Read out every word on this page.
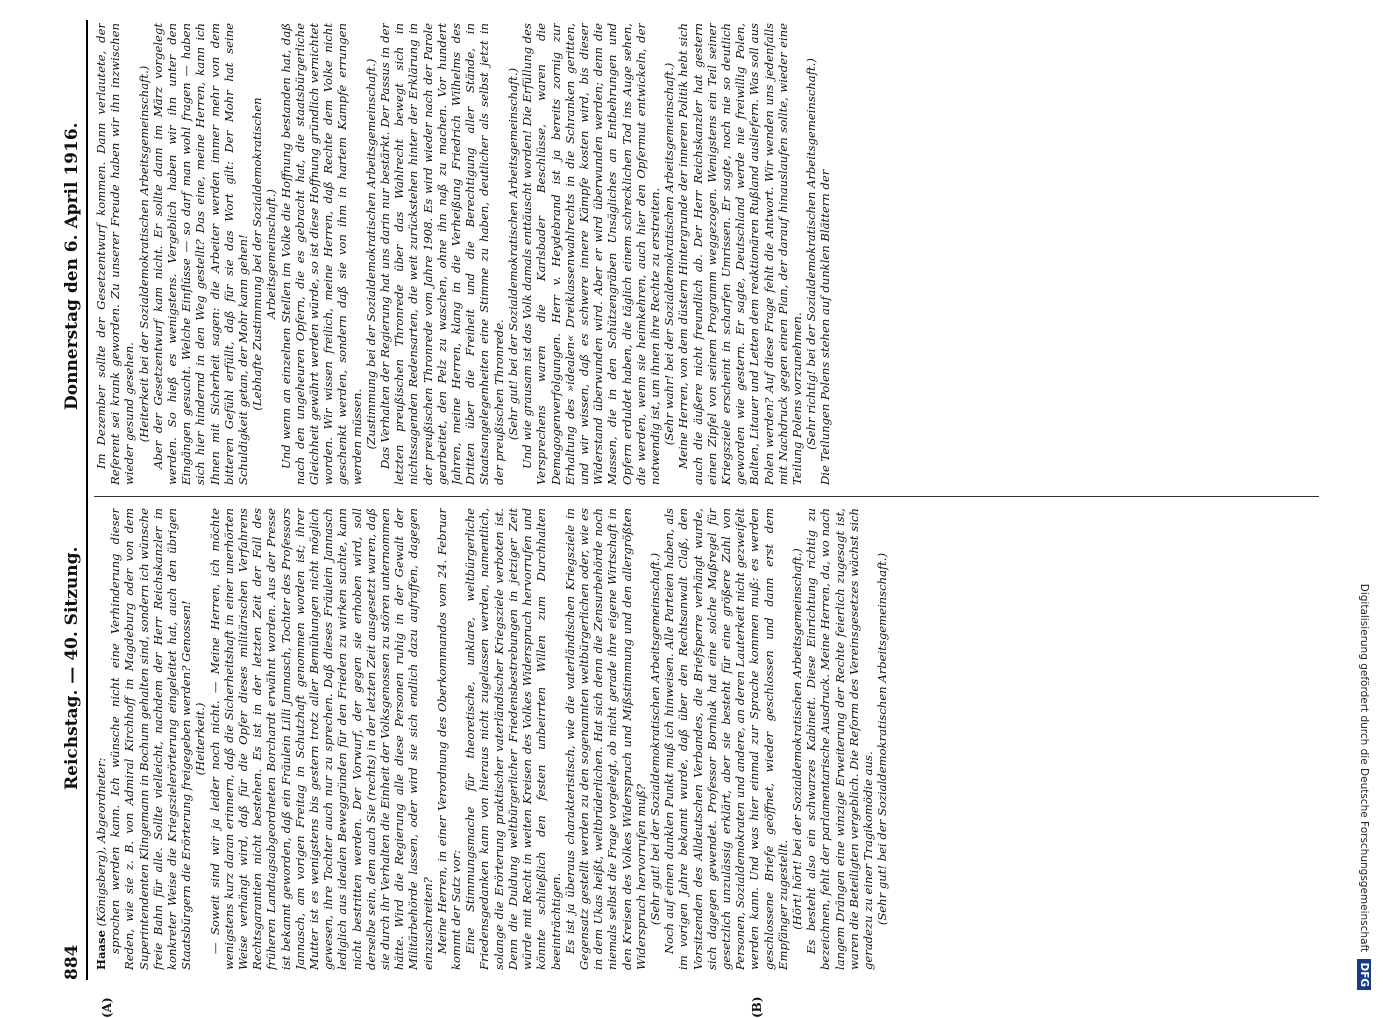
884
Reichstag. — 40. Sitzung.
Donnerstag den 6. April 1916.

Haase (Königsberg), Abgeordneter: sprochen werden kann. Ich wünsche nicht eine Verhinderung dieser Reden, wie sie z. B. von Admiral Kirchhoff in Magdeburg oder von dem Superintendenten Klingemann in Bochum gehalten sind, sondern ich wünsche freie Bahn für alle. Sollte vielleicht, nachdem der Herr Reichskanzler in konkreter Weise die Kriegszielerörterung eingeleitet hat, auch den übrigen Staatsbürgern die Erörterung freigegeben werden? Genossen! (Heiterkeit.) — Soweit sind wir ja leider noch nicht. — Meine Herren, ich möchte wenigstens kurz daran erinnern, daß die Sicherheitshaft in einer unerhörten Weise verhängt wird, daß für die Opfer dieses militärischen Verfahrens Rechtsgarantien nicht bestehen. Es ist in der letzten Zeit der Fall des früheren Landtagsabgeordneten Borchardt erwähnt worden. Aus der Presse ist bekannt geworden, daß ein Fräulein Lilli Jannasch, Tochter des Professors Jannasch, am vorigen Freitag in Schutzhaft genommen worden ist; ihrer Mutter ist es wenigstens bis gestern trotz aller Bemühungen nicht möglich gewesen, ihre Tochter auch nur zu sprechen. Daß dieses Fräulein Jannasch lediglich aus idealen Beweggründen für den Frieden zu wirken suchte, kann nicht bestritten werden. Der Vorwurf, der gegen sie erhoben wird, soll derselbe sein, dem auch Sie (rechts) in der letzten Zeit ausgesetzt waren, daß sie durch ihr Verhalten die Einheit der Volksgenossen zu stören unternommen hätte. Wird die Regierung alle diese Personen ruhig in der Gewalt der Militärbehörde lassen, oder wird sie sich endlich dazu aufraffen, dagegen einzuschreiten? Meine Herren, in einer Verordnung des Oberkommandos vom 24. Februar kommt der Satz vor: Eine Stimmungsmache für theoretische, unklare, weltbürgerliche Friedensgedanken kann von hieraus nicht zugelassen werden, namentlich, solange die Erörterung praktischer vaterländischer Kriegsziele verboten ist. Denn die Duldung weltbürgerlicher Friedensbestrebungen in jetziger Zeit würde mit Recht in weiten Kreisen des Volkes Widerspruch hervorrufen und könnte schließlich den festen unbeirrten Willen zum Durchhalten beeinträchtigen. Es ist ja überaus charakteristisch, wie die vaterländischen Kriegsziele in Gegensatz gestellt werden zu den sogenannten weltbürgerlichen oder, wie es in dem Ukas heißt, weltbrüderlichen. Hat sich denn die Zensurbehörde noch niemals selbst die Frage vorgelegt, ob nicht gerade ihre eigene Wirtschaft in den Kreisen des Volkes Widerspruch und Mißstimmung und den allergrößten Widerspruch hervorrufen muß? (Sehr gut! bei der Sozialdemokratischen Arbeitsgemeinschaft.) Noch auf einen dunklen Punkt muß ich hinweisen. Alle Parteien haben, als im vorigen Jahre bekannt wurde, daß über den Rechtsanwalt Claß, den Vorsitzenden des Alldeutschen Verbandes, die Briefsperre verhängt wurde, sich dagegen gewendet. Professor Bornhak hat eine solche Maßregel für gesetzlich unzulässig erklärt, aber sie besteht für eine größere Zahl von Personen, Sozialdemokraten und andere, an deren Lauterkeit nicht gezweifelt werden kann. Und was hier einmal zur Sprache kommen muß: es werden geschlossene Briefe geöffnet, wieder geschlossen und dann erst dem Empfänger zugestellt. (Hört! hört! bei der Sozialdemokratischen Arbeitsgemeinschaft.) Es besteht also ein schwarzes Kabinett. Diese Einrichtung richtig zu bezeichnen, fehlt der parlamentarische Ausdruck. Meine Herren, da, wo nach langem Drängen eine winzige Erweiterung der Rechte feierlich zugesagt ist, waren die Beteiligten vergeblich. Die Reform des Vereinsgesetzes wächst sich geradezu zu einer Tragikomödie aus. (Sehr gut! bei der Sozialdemokratischen Arbeitsgemeinschaft.)

(A)	(B)

Im Dezember sollte der Gesetzentwurf kommen. Dann verlautete, der Referent sei krank geworden. Zu unserer Freude haben wir ihn inzwischen wieder gesund gesehen. (Heiterkeit bei der Sozialdemokratischen Arbeitsgemeinschaft.) Aber der Gesetzentwurf kam nicht. Er sollte dann im März vorgelegt werden. So hieß es wenigstens. Vergeblich haben wir ihn unter den Eingängen gesucht. Welche Einflüsse — so darf man wohl fragen — haben sich hier hindernd in den Weg gestellt? Das eine, meine Herren, kann ich Ihnen mit Sicherheit sagen: die Arbeiter werden immer mehr von dem bitteren Gefühl erfüllt, daß für sie das Wort gilt: Der Mohr hat seine Schuldigkeit getan, der Mohr kann gehen! (Lebhafte Zustimmung bei der Sozialdemokratischen Arbeitsgemeinschaft.) Und wenn an einzelnen Stellen im Volke die Hoffnung bestanden hat, daß nach den ungeheuren Opfern, die es gebracht hat, die staatsbürgerliche Gleichheit gewährt werden würde, so ist diese Hoffnung gründlich vernichtet worden. Wir wissen freilich, meine Herren, daß Rechte dem Volke nicht geschenkt werden, sondern daß sie von ihm in hartem Kampfe errungen werden müssen. (Zustimmung bei der Sozialdemokratischen Arbeitsgemeinschaft.) Das Verhalten der Regierung hat uns darin nur bestärkt. Der Passus in der letzten preußischen Thronrede über das Wahlrecht bewegt sich in nichtssagenden Redensarten, die weit zurückstehen hinter der Erklärung in der preußischen Thronrede vom Jahre 1908. Es wird wieder nach der Parole gearbeitet, den Pelz zu waschen, ohne ihn naß zu machen. Vor hundert Jahren, meine Herren, klang in die Verheißung Friedrich Wilhelms des Dritten über die Freiheit und die Berechtigung aller Stände, in Staatsangelegenheiten eine Stimme zu haben, deutlicher als selbst jetzt in der preußischen Thronrede. (Sehr gut! bei der Sozialdemokratischen Arbeitsgemeinschaft.) Und wie grausam ist das Volk damals enttäuscht worden! Die Erfüllung des Versprechens waren die Karlsbader Beschlüsse, waren die Demagogenverfolgungen. Herr v. Heydebrand ist ja bereits zornig zur Erhaltung des »idealen« Dreiklassenwahlrechts in die Schranken geritten, und wir wissen, daß es schwere innere Kämpfe kosten wird, bis dieser Widerstand überwunden wird. Aber er wird überwunden werden; denn die Massen, die in den Schützengräben Unsägliches an Entbehrungen und Opfern erduldet haben, die täglich einem schrecklichen Tod ins Auge sehen, die werden, wenn sie heimkehren, auch hier den Opfermut entwickeln, der notwendig ist, um ihnen ihre Rechte zu erstreiten. (Sehr wahr! bei der Sozialdemokratischen Arbeitsgemeinschaft.) Meine Herren, von dem düstern Hintergrunde der inneren Politik hebt sich auch die äußere nicht freundlich ab. Der Herr Reichskanzler hat gestern einen Zipfel von seinem Programm weggezogen. Wenigstens ein Teil seiner Kriegsziele erscheint in scharfen Umrissen. Er sagte, noch nie so deutlich geworden wie gestern. Er sagte, Deutschland werde nie freiwillig Polen, Balten, Litauer und Letten dem reaktionären Rußland ausliefern. Was soll aus Polen werden? Auf diese Frage fehlt die Antwort. Wir wenden uns jedenfalls mit Nachdruck gegen einen Plan, der darauf hinauslaufen sollte, wieder eine Teilung Polens vorzunehmen. (Sehr richtig! bei der Sozialdemokratischen Arbeitsgemeinschaft.) Die Teilungen Polens stehen auf dunklen Blättern der

Digitalisierung gefördert durch die Deutsche Forschungsgemeinschaft DFG
